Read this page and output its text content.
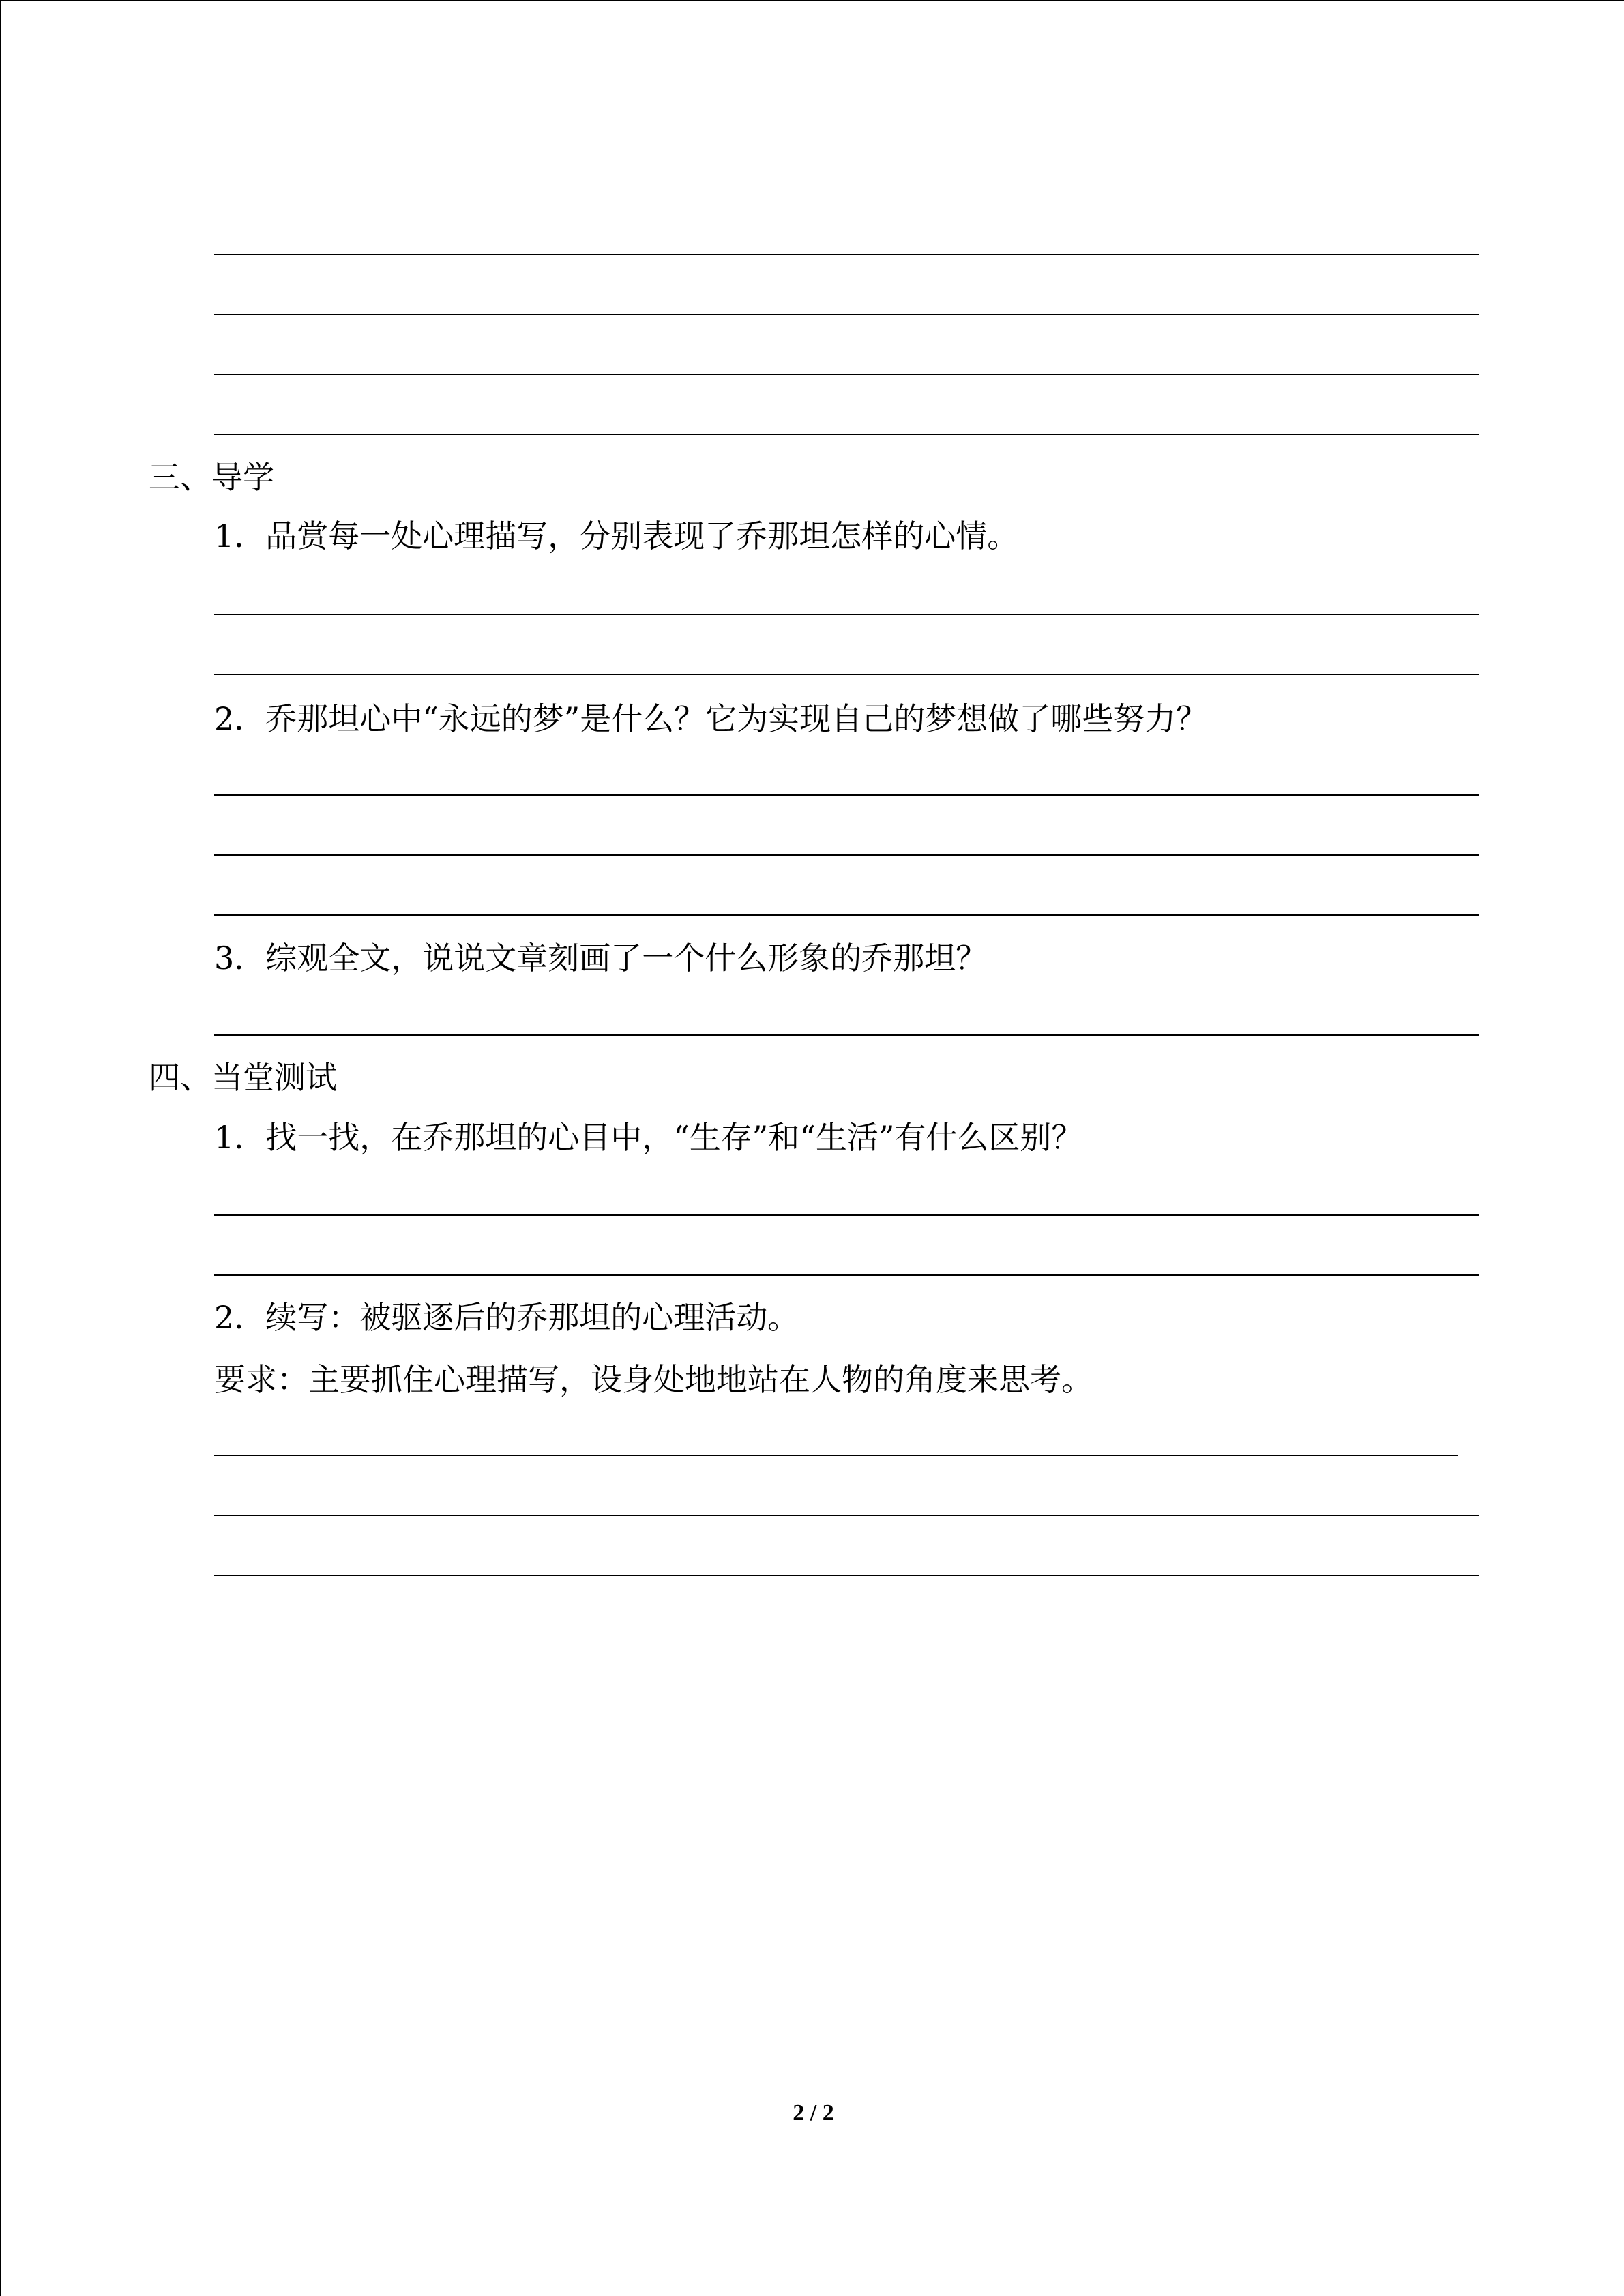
三、导学
1．品赏每一处心理描写，分别表现了乔那坦怎样的心情。
2．乔那坦心中“永远的梦”是什么？它为实现自己的梦想做了哪些努力？
3．综观全文，说说文章刻画了一个什么形象的乔那坦？
四、当堂测试
1．找一找，在乔那坦的心目中，“生存”和“生活”有什么区别？
2．续写：被驱逐后的乔那坦的心理活动。
要求：主要抓住心理描写，设身处地地站在人物的角度来思考。
2 / 2
